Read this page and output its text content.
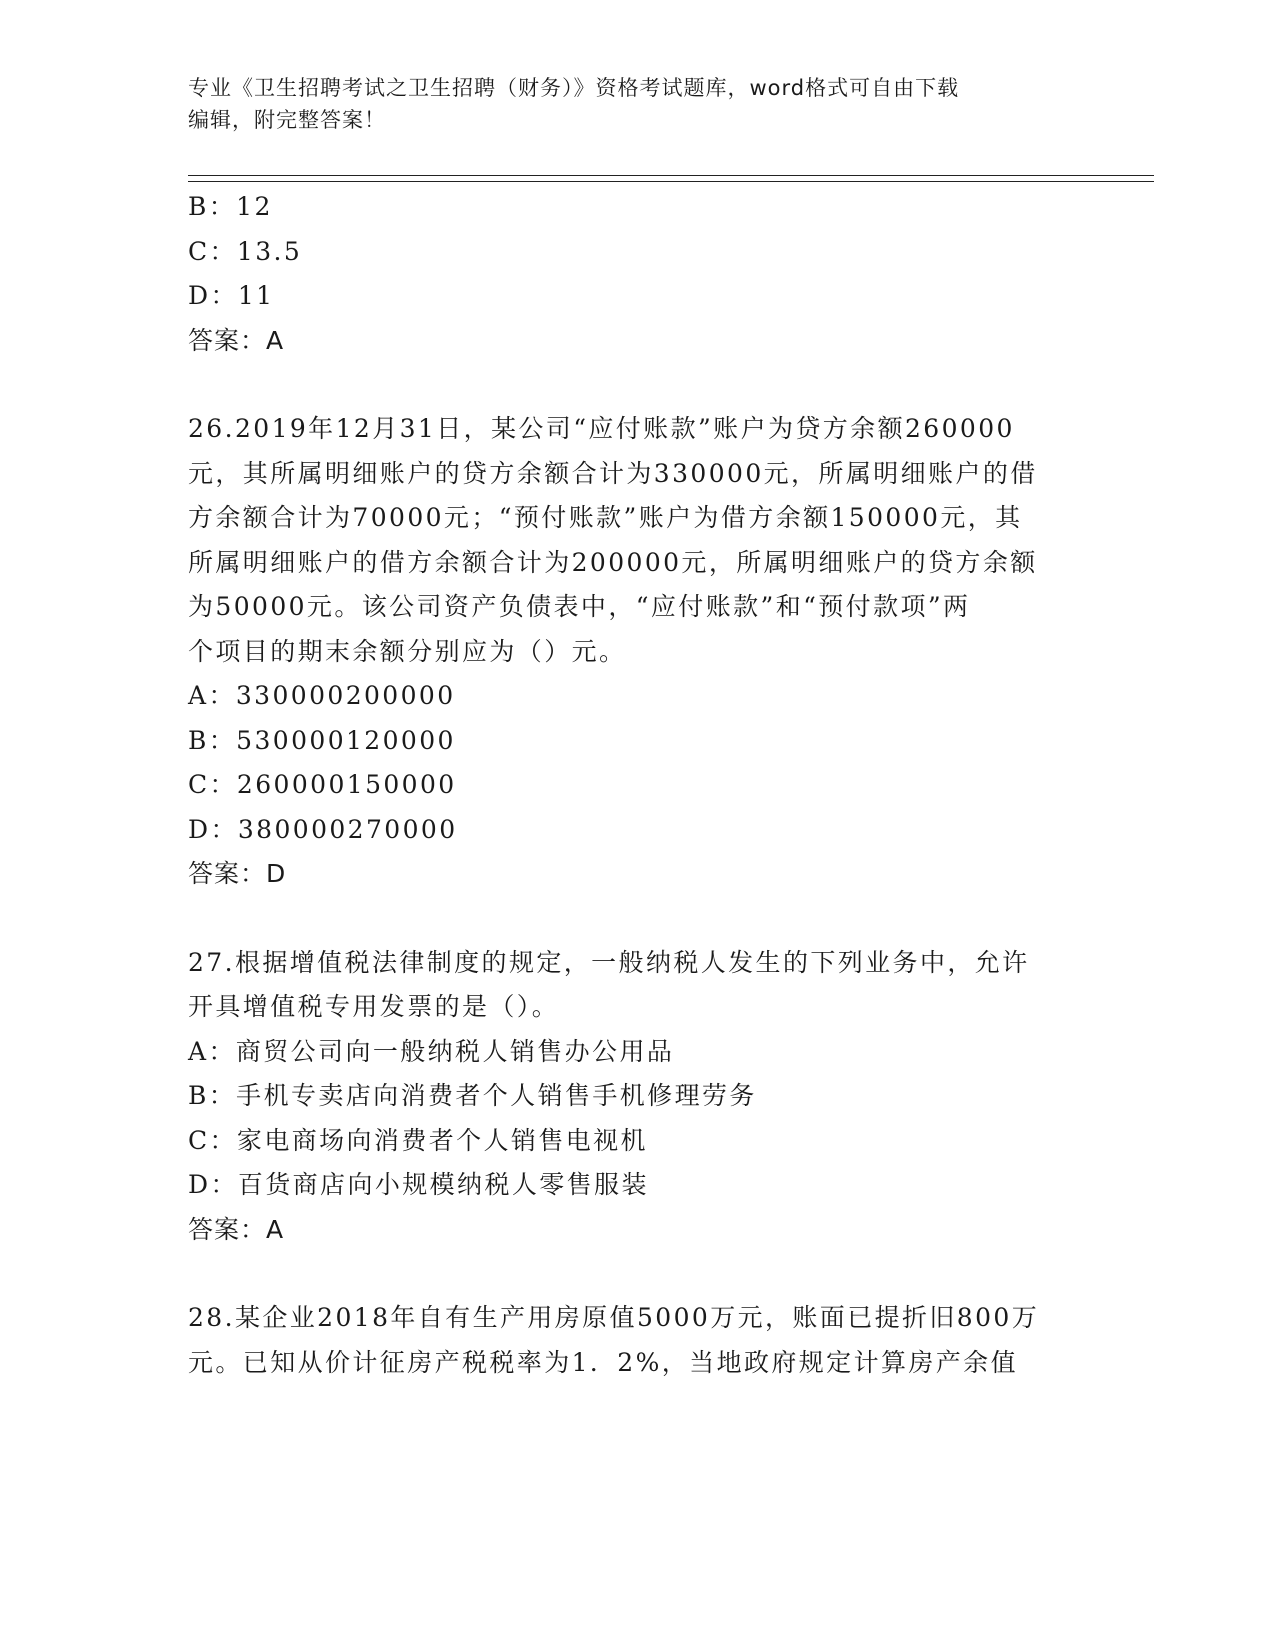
专业《卫生招聘考试之卫生招聘（财务）》资格考试题库，word格式可自由下载
编辑，附完整答案！
B：12
C：13.5
D：11
答案：A
26.2019年12月31日，某公司“应付账款”账户为贷方余额260000
元，其所属明细账户的贷方余额合计为330000元，所属明细账户的借
方余额合计为70000元；“预付账款”账户为借方余额150000元，其
所属明细账户的借方余额合计为200000元，所属明细账户的贷方余额
为50000元。该公司资产负债表中，“应付账款”和“预付款项”两
个项目的期末余额分别应为（）元。
A：330000200000
B：530000120000
C：260000150000
D：380000270000
答案：D
27.根据增值税法律制度的规定，一般纳税人发生的下列业务中，允许
开具增值税专用发票的是（）。
A：商贸公司向一般纳税人销售办公用品
B：手机专卖店向消费者个人销售手机修理劳务
C：家电商场向消费者个人销售电视机
D：百货商店向小规模纳税人零售服装
答案：A
28.某企业2018年自有生产用房原值5000万元，账面已提折旧800万
元。已知从价计征房产税税率为1．2%，当地政府规定计算房产余值
